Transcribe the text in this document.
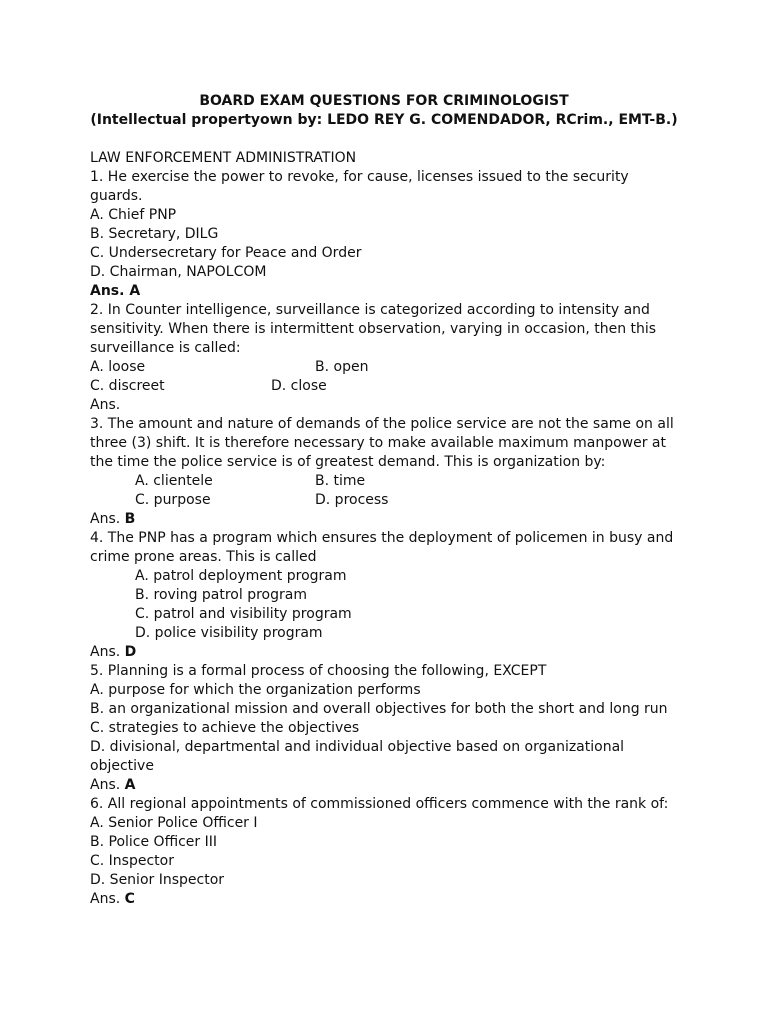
BOARD EXAM QUESTIONS FOR CRIMINOLOGIST
(Intellectual propertyown by: LEDO REY G. COMENDADOR, RCrim., EMT-B.)
LAW ENFORCEMENT ADMINISTRATION
1. He exercise the power to revoke, for cause, licenses issued to the security
guards.
A. Chief PNP
B. Secretary, DILG
C. Undersecretary for Peace and Order
D. Chairman, NAPOLCOM
Ans. A
2. In Counter intelligence, surveillance is categorized according to intensity and
sensitivity. When there is intermittent observation, varying in occasion, then this
surveillance is called:
A. loose	B. open
C. discreet	D. close
Ans.
3. The amount and nature of demands of the police service are not the same on all
three (3) shift. It is therefore necessary to make available maximum manpower at
the time the police service is of greatest demand. This is organization by:
A. clientele	B. time
C. purpose	D. process
Ans. B
4. The PNP has a program which ensures the deployment of policemen in busy and
crime prone areas. This is called
A. patrol deployment program
B. roving patrol program
C. patrol and visibility program
D. police visibility program
Ans. D
5. Planning is a formal process of choosing the following, EXCEPT
A. purpose for which the organization performs
B. an organizational mission and overall objectives for both the short and long run
C. strategies to achieve the objectives
D. divisional, departmental and individual objective based on organizational
objective
Ans. A
6. All regional appointments of commissioned officers commence with the rank of:
A. Senior Police Officer I
B. Police Officer III
C. Inspector
D. Senior Inspector
Ans. C
